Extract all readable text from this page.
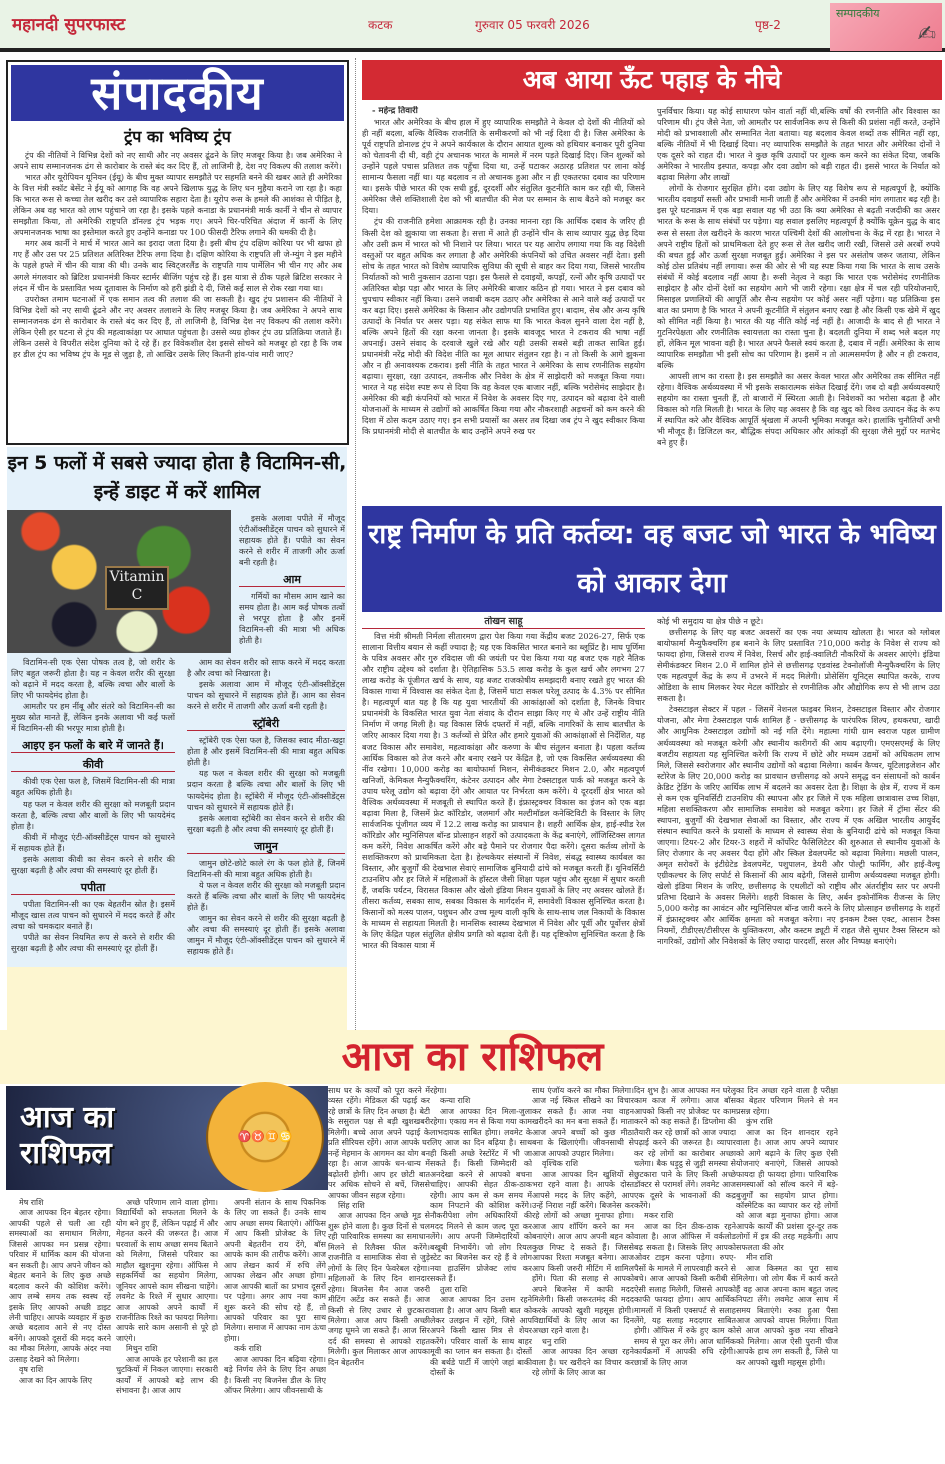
महानदी सुपरफास्ट	कटक	गुरुवार 05 फरवरी 2026	पृष्ठ-2
सम्पादकीय
✍
संपादकीय
ट्रंप का भविष्य ट्रंप

ट्रंप की नीतियों ने विभिन्न देशों को नए साथी और नए अवसर ढूंढने के लिए मजबूर किया है। जब अमेरिका ने अपने साथ सम्मानजनक ढंग से कारोबार के रास्ते बंद कर दिए हैं, तो लाजिमी है, देश नए विकल्प की तलाश करेंगे।

भारत और यूरोपियन यूनियन (ईयू) के बीच मुक्त व्यापार समझौते पर सहमति बनने की खबर आते ही अमेरिका के वित्त मंत्री स्कॉट बेसेंट ने ईयू को आगाह कि वह अपने खिलाफ युद्ध के लिए धन मुहैया कराने जा रहा है। कहा कि भारत रूस से कच्चा तेल खरीद कर उसे व्यापारिक सहारा देता है। यूरोप रूस के हमले की आशंका से पीड़ित है, लेकिन अब वह भारत को लाभ पहुंचाने जा रहा है। इसके पहले कनाडा के प्रधानमंत्री मार्क कार्नी ने चीन से व्यापार समझौता किया, तो अमेरिकी राष्ट्रपति डॉनल्ड ट्रंप भड़क गए। अपने चिर-परिचित अंदाज में कार्नी के लिए अपमानजनक भाषा का इस्तेमाल करते हुए उन्होंने कनाडा पर 100 फीसदी टैरिफ लगाने की धमकी दी है।

मगर अब कार्नी ने मार्च में भारत आने का इरादा जता दिया है। इसी बीच ट्रंप दक्षिण कोरिया पर भी खफा हो गए हैं और उस पर 25 प्रतिशत अतिरिक्त टैरिफ लगा दिया है। दक्षिण कोरिया के राष्ट्रपति ली जे-म्युंग ने इस महीने के पहले हफ्ते में चीन की यात्रा की थी। उनके बाद स्विट्जरलैंड के राष्ट्रपति गाय पार्मेलिन भी चीन गए और अब अगले मंगलवार को ब्रिटिश प्रधानमंत्री कियर स्टार्मर बीजिंग पहुंच रहे हैं। इस यात्रा से ठीक पहले ब्रिटिश सरकार ने लंदन में चीन के प्रस्तावित भव्य दूतावास के निर्माण को हरी झंडी दे दी, जिसे कई साल से रोक रखा गया था।

उपरोक्त तमाम घटनाओं में एक समान तत्व की तलाश की जा सकती है। खुद ट्रंप प्रशासन की नीतियों ने विभिन्न देशों को नए साथी ढूंढने और नए अवसर तलाशने के लिए मजबूर किया है। जब अमेरिका ने अपने साथ सम्मानजनक ढंग से कारोबार के रास्ते बंद कर दिए हैं, तो लाजिमी है, विभिन्न देश नए विकल्प की तलाश करेंगे। लेकिन ऐसी हर घटना से ट्रंप की महत्वाकांक्षा पर आघात पहुंचता है। उससे व्यग्र होकर ट्रंप उग्र प्रतिक्रिया जताते हैं। लेकिन उससे वे विपरीत संदेश दुनिया को दे रहे हैं। हर विवेकशील देश इससे सोचने को मजबूर हो रहा है कि जब हर डील ट्रंप का भविष्य ट्रंप के मूड से जुड़ा है, तो आखिर उसके लिए कितनी हांव-पांव मारी जाए?

इन 5 फलों में सबसे ज्यादा होता है विटामिन-सी, इन्हें डाइट में करें शामिल
Vitamin C

इसके अलावा पपीते में मौजूद एंटीऑक्सीडेंट्स पाचन को सुधारने में सहायक होते हैं। पपीते का सेवन करने से शरीर में ताजगी और ऊर्जा बनी रहती है।

आम

गर्मियों का मौसम आम खाने का समय होता है। आम कई पोषक तत्वों से भरपूर होता है और इनमें विटामिन-सी की मात्रा भी अधिक होती है।

विटामिन-सी एक ऐसा पोषक तत्व है, जो शरीर के लिए बहुत जरूरी होता है। यह न केवल शरीर की सुरक्षा को बढ़ाने में मदद करता है, बल्कि त्वचा और बालों के लिए भी फायदेमंद होता है।

आमतौर पर हम नींबू और संतरे को विटामिन-सी का मुख्य स्रोत मानते हैं, लेकिन इनके अलावा भी कई फलों में विटामिन-सी की भरपूर मात्रा होती है।

आइए इन फलों के बारे में जानते हैं।
कीवी

कीवी एक ऐसा फल है, जिसमें विटामिन-सी की मात्रा बहुत अधिक होती है।

यह फल न केवल शरीर की सुरक्षा को मजबूती प्रदान करता है, बल्कि त्वचा और बालों के लिए भी फायदेमंद होता है।

कीवी में मौजूद एंटी-ऑक्सीडेंट्स पाचन को सुधारने में सहायक होते हैं।

इसके अलावा कीवी का सेवन करने से शरीर की सुरक्षा बढ़ती है और त्वचा की समस्याएं दूर होती हैं।

पपीता

पपीता विटामिन-सी का एक बेहतरीन स्रोत है। इसमें मौजूद खास तत्व पाचन को सुधारने में मदद करते हैं और त्वचा को चमकदार बनाते हैं।

पपीते का सेवन नियमित रूप से करने से शरीर की सुरक्षा बढ़ती है और त्वचा की समस्याएं दूर होती हैं।

आम का सेवन शरीर को साफ करने में मदद करता है और त्वचा को निखारता है।

इसके अलावा आम में मौजूद एंटी-ऑक्सीडेंट्स पाचन को सुधारने में सहायक होते हैं। आम का सेवन करने से शरीर में ताजगी और ऊर्जा बनी रहती है।

स्ट्रॉबेरी

स्ट्रॉबेरी एक ऐसा फल है, जिसका स्वाद मीठा-खट्टा होता है और इसमें विटामिन-सी की मात्रा बहुत अधिक होती है।

यह फल न केवल शरीर की सुरक्षा को मजबूती प्रदान करता है बल्कि त्वचा और बालों के लिए भी फायदेमंद होता है। स्ट्रॉबेरी में मौजूद एंटी-ऑक्सीडेंट्स पाचन को सुधारने में सहायक होते हैं।

इसके अलावा स्ट्रॉबेरी का सेवन करने से शरीर की सुरक्षा बढ़ती है और त्वचा की समस्याएं दूर होती हैं।

जामुन

जामुन छोटे-छोटे काले रंग के फल होते हैं, जिनमें विटामिन-सी की मात्रा बहुत अधिक होती है।

ये फल न केवल शरीर की सुरक्षा को मजबूती प्रदान करते हैं बल्कि त्वचा और बालों के लिए भी फायदेमंद होते हैं।

जामुन का सेवन करने से शरीर की सुरक्षा बढ़ती है और त्वचा की समस्याएं दूर होती हैं। इसके अलावा जामुन में मौजूद एंटी-ऑक्सीडेंट्स पाचन को सुधारने में सहायक होते हैं।

अब आया ऊँट पहाड़ के नीचे
- महेन्द्र तिवारी

भारत और अमेरिका के बीच हाल में हुए व्यापारिक समझौते ने केवल दो देशों की नीतियों को ही नहीं बदला, बल्कि वैश्विक राजनीति के समीकरणों को भी नई दिशा दी है। जिस अमेरिका के पूर्व राष्ट्रपति डोनाल्ड ट्रंप ने अपने कार्यकाल के दौरान आयात शुल्क को हथियार बनाकर पूरी दुनिया को चेतावनी दी थी, वही ट्रंप अचानक भारत के मामले में नरम पड़ते दिखाई दिए। जिन शुल्कों को उन्होंने पहले पचास प्रतिशत तक पहुँचा दिया था, उन्हें घटाकर अठारह प्रतिशत पर लाना कोई सामान्य फैसला नहीं था। यह बदलाव न तो अचानक हुआ और न ही एकतरफा दबाव का परिणाम था। इसके पीछे भारत की एक सधी हुई, दूरदर्शी और संतुलित कूटनीति काम कर रही थी, जिसने अमेरिका जैसे शक्तिशाली देश को भी बातचीत की मेज पर सम्मान के साथ बैठने को मजबूर कर दिया।

ट्रंप की राजनीति हमेशा आक्रामक रही है। उनका मानना रहा कि आर्थिक दबाव के जरिए ही किसी देश को झुकाया जा सकता है। सत्ता में आते ही उन्होंने चीन के साथ व्यापार युद्ध छेड़ दिया और उसी क्रम में भारत को भी निशाने पर लिया। भारत पर यह आरोप लगाया गया कि वह विदेशी वस्तुओं पर बहुत अधिक कर लगाता है और अमेरिकी कंपनियों को उचित अवसर नहीं देता। इसी सोच के तहत भारत को विशेष व्यापारिक सुविधा की सूची से बाहर कर दिया गया, जिससे भारतीय निर्यातकों को भारी नुकसान उठाना पड़ा। इस फैसले से दवाइयों, कपड़ों, रत्नों और कृषि उत्पादों पर अतिरिक्त बोझ पड़ा और भारत के लिए अमेरिकी बाजार कठिन हो गया। भारत ने इस दबाव को चुपचाप स्वीकार नहीं किया। उसने जवाबी कदम उठाए और अमेरिका से आने वाले कई उत्पादों पर कर बढ़ा दिए। इससे अमेरिका के किसान और उद्योगपति प्रभावित हुए। बादाम, सेब और अन्य कृषि उत्पादों के निर्यात पर असर पड़ा। यह संकेत साफ था कि भारत केवल सुनने वाला देश नहीं है, बल्कि अपने हितों की रक्षा करना जानता है। इसके बावजूद भारत ने टकराव की भाषा नहीं अपनाई। उसने संवाद के दरवाजे खुले रखे और यही उसकी सबसे बड़ी ताकत साबित हुई। प्रधानमंत्री नरेंद्र मोदी की विदेश नीति का मूल आधार संतुलन रहा है। न तो किसी के आगे झुकना और न ही अनावश्यक टकराव। इसी नीति के तहत भारत ने अमेरिका के साथ रणनीतिक सहयोग बढ़ाया। सुरक्षा, रक्षा उत्पादन, तकनीक और निवेश के क्षेत्र में साझेदारी को मजबूत किया गया। भारत ने यह संदेश स्पष्ट रूप से दिया कि वह केवल एक बाजार नहीं, बल्कि भरोसेमंद साझेदार है। अमेरिका की बड़ी कंपनियों को भारत में निवेश के अवसर दिए गए, उत्पादन को बढ़ावा देने वाली योजनाओं के माध्यम से उद्योगों को आकर्षित किया गया और नौकरशाही अड़चनों को कम करने की दिशा में ठोस कदम उठाए गए। इन सभी प्रयासों का असर तब दिखा जब ट्रंप ने खुद स्वीकार किया कि प्रधानमंत्री मोदी से बातचीत के बाद उन्होंने अपने रुख पर

पुनर्विचार किया। यह कोई साधारण फोन वार्ता नहीं थी,बल्कि वर्षों की रणनीति और विश्वास का परिणाम थी। ट्रंप जैसे नेता, जो आमतौर पर सार्वजनिक रूप से किसी की प्रशंसा नहीं करते, उन्होंने मोदी को प्रभावशाली और सम्मानित नेता बताया। यह बदलाव केवल शब्दों तक सीमित नहीं रहा, बल्कि नीतियों में भी दिखाई दिया। नए व्यापारिक समझौते के तहत भारत और अमेरिका दोनों ने एक दूसरे को राहत दी। भारत ने कुछ कृषि उत्पादों पर शुल्क कम करने का संकेत दिया, जबकि अमेरिका ने भारतीय इस्पात, कपड़ा और दवा उद्योग को बड़ी राहत दी। इससे भारत के निर्यात को बढ़ावा मिलेगा और लाखों

लोगों के रोजगार सुरक्षित होंगे। दवा उद्योग के लिए यह विशेष रूप से महत्वपूर्ण है, क्योंकि भारतीय दवाइयाँ सस्ती और प्रभावी मानी जाती हैं और अमेरिका में उनकी मांग लगातार बढ़ रही है। इस पूरे घटनाक्रम में एक बड़ा सवाल यह भी उठा कि क्या अमेरिका से बढ़ती नजदीकी का असर भारत के रूस के साथ संबंधों पर पड़ेगा। यह सवाल इसलिए महत्वपूर्ण है क्योंकि यूक्रेन युद्ध के बाद रूस से सस्ता तेल खरीदने के कारण भारत पश्चिमी देशों की आलोचना के केंद्र में रहा है। भारत ने अपने राष्ट्रीय हितों को प्राथमिकता देते हुए रूस से तेल खरीद जारी रखी, जिससे उसे अरबों रुपये की बचत हुई और ऊर्जा सुरक्षा मजबूत हुई। अमेरिका ने इस पर असंतोष जरूर जताया, लेकिन कोई ठोस प्रतिबंध नहीं लगाया। रूस की ओर से भी यह स्पष्ट किया गया कि भारत के साथ उसके संबंधों में कोई बदलाव नहीं आया है। रूसी नेतृत्व ने कहा कि भारत एक भरोसेमंद रणनीतिक साझेदार है और दोनों देशों का सहयोग आगे भी जारी रहेगा। रक्षा क्षेत्र में चल रही परियोजनाएँ, मिसाइल प्रणालियों की आपूर्ति और सैन्य सहयोग पर कोई असर नहीं पड़ेगा। यह प्रतिक्रिया इस बात का प्रमाण है कि भारत ने अपनी कूटनीति में संतुलन बनाए रखा है और किसी एक खेमे में खुद को सीमित नहीं किया है। भारत की यह नीति कोई नई नहीं है। आजादी के बाद से ही भारत ने गुटनिरपेक्षता और रणनीतिक स्वायत्तता का रास्ता चुना है। बदलती दुनिया में शब्द भले बदल गए हों, लेकिन मूल भावना वही है। भारत अपने फैसले स्वयं करता है, दबाव में नहीं। अमेरिका के साथ व्यापारिक समझौता भी इसी सोच का परिणाम है। इसमें न तो आत्मसमर्पण है और न ही टकराव, बल्कि

आपसी लाभ का रास्ता है। इस समझौते का असर केवल भारत और अमेरिका तक सीमित नहीं रहेगा। वैश्विक अर्थव्यवस्था में भी इसके सकारात्मक संकेत दिखाई देंगे। जब दो बड़ी अर्थव्यवस्थाएँ सहयोग का रास्ता चुनती हैं, तो बाजारों में स्थिरता आती है। निवेशकों का भरोसा बढ़ता है और विकास को गति मिलती है। भारत के लिए यह अवसर है कि वह खुद को विश्व उत्पादन केंद्र के रूप में स्थापित करे और वैश्विक आपूर्ति श्रृंखला में अपनी भूमिका मजबूत करे। हालांकि चुनौतियाँ अभी भी मौजूद हैं। डिजिटल कर, बौद्धिक संपदा अधिकार और आंकड़ों की सुरक्षा जैसे मुद्दों पर मतभेद बने हुए हैं।

राष्ट्र निर्माण के प्रति कर्तव्य: वह बजट जो भारत के भविष्य को आकार देगा
तोखन साहू

वित्त मंत्री श्रीमती निर्मला सीतारमण द्वारा पेश किया गया केंद्रीय बजट 2026-27, सिर्फ एक सालाना वित्तीय बयान से कहीं ज्यादा है; यह एक विकसित भारत बनाने का ब्लूप्रिंट है। माघ पूर्णिमा के पवित्र अवसर और गुरु रविदास जी की जयंती पर पेश किया गया यह बजट एक गहरे नैतिक और राष्ट्रीय उद्देश्य को दर्शाता है। ऐतिहासिक 53.5 लाख करोड़ के कुल खर्च और लगभग 27 लाख करोड़ के पूंजीगत खर्च के साथ, यह बजट राजकोषीय समझदारी बनाए रखते हुए भारत की विकास गाथा में विश्वास का संकेत देता है, जिसमें घाटा सकल घरेलू उत्पाद के 4.3% पर सीमित है। महत्वपूर्ण बात यह है कि यह युवा भारतीयों की आकांक्षाओं को दर्शाता है, जिनके विचार प्रधानमंत्री के विकसित भारत युवा नेता संवाद के दौरान साझा किए गए थे और उन्हें राष्ट्रीय नीति निर्माण में जगह मिली है। यह विकास सिर्फ दफ्तरों में नहीं, बल्कि नागरिकों के साथ बातचीत के जरिए आकार दिया गया है। 3 कर्तव्यों से प्रेरित और हमारे युवाओं की आकांक्षाओं से निर्देशित, यह बजट विकास और समावेश, महत्वाकांक्षा और करुणा के बीच संतुलन बनाता है। पहला कर्तव्य आर्थिक विकास को तेज करने और बनाए रखने पर केंद्रित है, जो एक विकसित अर्थव्यवस्था की नींव रखेगा। 10,000 करोड़ का बायोफार्मा मिशन, सेमीकंडक्टर मिशन 2.0, और महत्वपूर्ण खनिजों, केमिकल मैन्युफैक्चरिंग, कंटेनर उत्पादन और मेगा टेक्सटाइल पार्क को मजबूत करने के उपाय घरेलू उद्योग को बढ़ावा देंगे और आयात पर निर्भरता कम करेंगे। ये दूरदर्शी क्षेत्र भारत को वैश्विक अर्थव्यवस्था में मजबूती से स्थापित करते हैं। इंफ्रास्ट्रक्चर विकास का इंजन को एक बड़ा बढ़ावा मिला है, जिसमें फ्रेट कॉरिडोर, जलमार्ग और मल्टीमॉडल कनेक्टिविटी के विस्तार के लिए सार्वजनिक पूंजीगत व्यय में 12.2 लाख करोड़ का प्रावधान है। शहरी आर्थिक क्षेत्र, हाई-स्पीड रेल कॉरिडोर और म्युनिसिपल बॉन्ड प्रोत्साहन शहरों को उत्पादकता के केंद्र बनाएंगे, लॉजिस्टिक्स लागत कम करेंगे, निवेश आकर्षित करेंगे और बड़े पैमाने पर रोजगार पैदा करेंगे। दूसरा कर्तव्य लोगों के सशक्तिकरण को प्राथमिकता देता है। हेल्थकेयर संस्थानों में निवेश, संबद्ध स्वास्थ्य कार्यबल का विस्तार, और बुजुर्गों की देखभाल सेवाएं सामाजिक बुनियादी ढांचे को मजबूत करती हैं। यूनिवर्सिटी टाउनशिप और हर जिले में महिलाओं के हॉस्टल जैसी शिक्षा पहल पहुंच और सुरक्षा में सुधार करती हैं, जबकि पर्यटन, विरासत विकास और खेलो इंडिया मिशन युवाओं के लिए नए अवसर खोलते हैं। तीसरा कर्तव्य, सबका साथ, सबका विकास के मार्गदर्शन में, समावेशी विकास सुनिश्चित करता है। किसानों को मत्स्य पालन, पशुधन और उच्च मूल्य वाली कृषि के साथ-साथ जल निकायों के विकास के माध्यम से सहायता मिलती है। मानसिक स्वास्थ्य देखभाल में निवेश और पूर्वी और पूर्वोत्तर क्षेत्रों के लिए केंद्रित पहल संतुलित क्षेत्रीय प्रगति को बढ़ावा देती हैं। यह दृष्टिकोण सुनिश्चित करता है कि भारत की विकास यात्रा में

कोई भी समुदाय या क्षेत्र पीछे न छूटे।

छत्तीसगढ़ के लिए यह बजट अवसरों का एक नया अध्याय खोलता है। भारत को ग्लोबल बायोफार्मा मैन्युफैक्चरिंग हब बनाने के लिए प्रस्तावित ?10,000 करोड़ के निवेश से राज्य को फायदा होगा, जिससे राज्य में निवेश, रिसर्च और हाई-क्वालिटी नौकरियों के अवसर आएंगे। इंडिया सेमीकंडक्टर मिशन 2.0 में शामिल होने से छत्तीसगढ़ एडवांस्ड टेक्नोलॉजी मैन्युफैक्चरिंग के लिए एक महत्वपूर्ण केंद्र के रूप में उभरने में मदद मिलेगी। प्रोसेसिंग यूनिट्स स्थापित करके, राज्य ओडिशा के साथ मिलकर रेयर मेटल कॉरिडोर से रणनीतिक और औद्योगिक रूप से भी लाभ उठा सकता है।

टेक्सटाइल सेक्टर में पहल - जिसमें नेशनल फाइबर मिशन, टेक्सटाइल विस्तार और रोजगार योजना, और मेगा टेक्सटाइल पार्क शामिल हैं - छत्तीसगढ़ के पारंपरिक शिल्प, हथकरघा, खादी और आधुनिक टेक्सटाइल उद्योगों को नई गति देंगे। महात्मा गांधी ग्राम स्वराज पहल ग्रामीण अर्थव्यवस्था को मजबूत करेगी और स्थानीय कारीगरों की आय बढ़ाएगी। एमएसएमई के लिए बजटीय सहायता यह सुनिश्चित करेगी कि राज्य में छोटे और मध्यम उद्यमों को अधिकतम लाभ मिले, जिससे स्वरोजगार और स्थानीय उद्योगों को बढ़ावा मिलेगा। कार्बन कैप्चर, यूटिलाइजेशन और स्टोरेज के लिए 20,000 करोड़ का प्रावधान छत्तीसगढ़ को अपने समृद्ध वन संसाधनों को कार्बन क्रेडिट ट्रेडिंग के जरिए आर्थिक लाभ में बदलने का अवसर देता है। शिक्षा के क्षेत्र में, राज्य में कम से कम एक यूनिवर्सिटी टाउनशिप की स्थापना और हर जिले में एक महिला छात्रावास उच्च शिक्षा, महिला सशक्तिकरण और सामाजिक समावेश को मजबूत करेगा। हर जिले में ट्रॉमा सेंटर की स्थापना, बुजुर्गों की देखभाल सेवाओं का विस्तार, और राज्य में एक अखिल भारतीय आयुर्वेद संस्थान स्थापित करने के प्रयासों के माध्यम से स्वास्थ्य सेवा के बुनियादी ढांचे को मजबूत किया जाएगा। टियर-2 और टियर-3 शहरों में कॉर्पोरेट फैसिलिटेटर की शुरुआत से स्थानीय युवाओं के लिए रोजगार के नए अवसर पैदा होंगे और स्किल डेवलपमेंट को बढ़ावा मिलेगा। मछली पालन, अमृत सरोवरों के इंटीग्रेटेड डेवलपमेंट, पशुपालन, डेयरी और पोल्ट्री फार्मिंग, और हाई-वैल्यू एग्रीकल्चर के लिए सपोर्ट से किसानों की आय बढ़ेगी, जिससे ग्रामीण अर्थव्यवस्था मजबूत होगी। खेलो इंडिया मिशन के जरिए, छत्तीसगढ़ के एथलीटों को राष्ट्रीय और अंतर्राष्ट्रीय स्तर पर अपनी प्रतिभा दिखाने के अवसर मिलेंगे। शहरी विकास के लिए, अर्बन इकोनॉमिक रीजन्स के लिए 5,000 करोड़ का आवंटन और म्युनिसिपल बॉन्ड जारी करने के लिए प्रोत्साहन छत्तीसगढ़ के शहरों में इंफ्रास्ट्रक्चर और आर्थिक क्षमता को मजबूत करेगा। नए इनकम टैक्स एक्ट, आसान टैक्स नियमों, टीडीएस/टीसीएस के युक्तिकरण, और कस्टम ड्यूटी में राहत जैसे सुधार टैक्स सिस्टम को नागरिकों, उद्योगों और निवेशकों के लिए ज्यादा पारदर्शी, सरल और निष्पक्ष बनाएंगे।

आज का राशिफल
आज का राशिफल	♈♉♊♋

मेष राशि

आज आपका दिन बेहतर रहेगा। आपकी पहले से चली आ रही समस्याओं का समाधान मिलेगा, जिससे आपका मन प्रसन्न रहेगा। परिवार में धार्मिक काम की योजना बन सकती है। आप अपने जीवन को बेहतर बनाने के लिए कुछ अच्छे बदलाव करने की कोशिश करेंगे। आप लम्बे समय तक स्वस्थ रहें इसके लिए आपको अच्छी डाइट लेनी चाहिए। आपके व्यवहार में कुछ अच्छे बदलाव आने से नए दोस्त बनेंगे। आपको दूसरों की मदद करने का मौका मिलेगा, आपके अंदर नया उत्साह देखने को मिलेगा।

वृष राशि

आज का दिन आपके लिए

अच्छे परिणाम लाने वाला होगा। विद्यार्थियों को सफलता मिलने के योग बने हुए हैं, लेकिन पढ़ाई में और मेहनत करने की जरूरत है। आज घरवालों के साथ अच्छा समय बिताने को मिलेगा, जिससे परिवार का माहौल खुशनुमा रहेगा। ऑफिस मे सहकर्मियों का सहयोग मिलेगा, जूनियर आपसे काम सीखना चाहेंगे। लवमेट के रिश्ते में सुधार आएगा। आज आपको अपने कार्यों में राजनीतिक रिश्ते का फायदा मिलेगा। आपके सारे काम असानी से पूरे हो जाएंगे।

मिथुन राशि

आज आपके हर परेशानी का हल चुटकियों में निकल जाएगा। सरकारी कार्यों में आपको बड़े लाभ की संभावना है। आज आप

अपनी संतान के साथ पिकनिक के लिए जा सकते हैं। उनके साथ आप अच्छा समय बिताएंगे। ऑफिस में आप किसी प्रोजेक्ट के लिए अपनी बेहतरीन राय देंगे, बॉस आपके काम की तारीफ करेंगे। आज आप लेखन कार्य में रुचि लेंगे आपका लेखन और अच्छा होगा। आज आपकी बातों का प्रभाव दूसरों पर पड़ेगा। अगर आप नया काम शुरू करने की सोच रहे हैं, तो आपको परिवार का पूरा साथ मिलेगा। समाज में आपका नाम ऊंचा होगा।

कर्क राशि

आज आपका दिन बढ़िया रहेगा। बड़े निर्णय लेने के लिए दिन अच्छा है। किसी नए बिजनेस डील के लिए ऑफर मिलेगा। आप जीवनसाथी के

साथ घर के कार्यों को पूरा करने में व्यस्त रहेंगे। मेडिकल की पढ़ाई कर रहे छात्रों के लिए दिन अच्छा है। बेटी के ससुराल पक्ष से बड़ी खुशखबरी मिलेगी। बच्चे आज अपने पढ़ाई के प्रति सीरियस रहेंगे। आज आपके घर नन्हें मेहमान के आगमन का योग बन रहा है। आज आपके धन-धान्य में बढ़ोतरी होगी। आप हर छोटी बात पर अधिक सोचने से बचें, जिससे आपका जीवन सहज रहेगा।

सिंह राशि

आज आपका दिन अच्छे मूड से शुरू होने वाला है। कुछ दिनों से चल रही पारिवारिक समस्या का समाधान मिलने से रिलैक्स फील करेंगे। राजनीति व सामाजिक सेवा से जुड़े लोगों के लिए दिन फेवरेबल रहेगा। महिलाओं के लिए दिन शानदार रहेगा। बिजनेस मैन आज जरुरी मीटिंग अटेंड कर सकते हैं। आज किसी से लिए उधार से छुटकारा मिलेगा। आज आप किसी अच्छी जगह घूमने जा सकते हैं। आज सिर दर्द की समस्या से आपको राहत मिलेगी। कुल मिलाकर आज आपका दिन बेहतरीन

रहेगा।

कन्या राशि

आज आपका दिन मिला-जुला रहेगा। एकाग्र मन से किया गया काम लाभदायक साबित होगा। लवमेट के लिए आज का दिन बढ़िया है। साथ ही किसी अच्छे रेस्टोरेंट में भी जा सकते हैं। किसी जिम्मेदारी को अनदेखा करने से आपको बचना चाहिए। आपकी सेहत ठीक-ठाक रहेगी। आप कम से कम समय में काम निपटाने की कोशिश करेंगे। नौकरीपेशा लोग अधिकारियों की मदद मिलने से काम जल्द पूरा कर लेंगे। आप अपनी जिम्मेदारियों को बखूबी निभायेंगे। जो लोग रियल स्टेट का बिजनेस कर रहे हैं वे लोग नया हाउसिंग प्रोजेक्ट लांच कर सकते हैं।

तुला राशि

आज आपका दिन उत्तम रहने वाला है। आज आप किसी बात को लेकर उलझन में रहेंगे, जिसे आप अपने किसी खास मित्र से शेयर करेंगे। परिवार वालों के साथ बाहर मूवी का प्लान बन सकता है। दोस्तों की बर्थडे पार्टी में जाएंगे जहां बाकी दोस्तों के

साथ एंजॉय करने का मौका मिलेगा। आज नई स्किल सीखने का विचार कर सकते हैं। आज नया वाहन खरीदने का मन बना सकते हैं। माता आज अपने बच्चों को कुछ मीठा बना के खिलाएंगी। जीवनसाथी से आज आपको उपहार मिलेगा।

वृश्चिक राशि

आज आपका दिन खुशियों से भरा रहने वाला है। आपके दोस्त आपसे मदद के लिए कहेंगे, आप उन्हें निराश नहीं करेंगे। बिजनेस कर रहे लोगों को अच्छा मुनाफा होगा। आज आप शॉपिंग करने का मन बनाएंगे। आज आप अपनी बहन को कुछ गिफ्ट दे सकते हैं। जिससे आपका रिश्ता मजबूत बनेगा। आज आप किसी जरुरी मीटिंग में शामिल होंगे। पिता की सलाह से आपको अपने बिजनेस में काफी मदद मिलेगी। किसी जरूरतमंद की मदद करके आपको खुशी महसूस होगी। विद्यार्थियों के लिए आज का दिन अच्छा रहने वाला है।

धनु राशि

आज आपका दिन अच्छा रहने वाला है। घर खरीदने का विचार कर रहे लोगों के लिए आज का

दिन शुभ है। आज आपका मन घरेलू काम काज में लगेगा। आज बॉस आपको किसी नए प्रोजेक्ट पर काम करने को कह सकते हैं। डिप्लोमा की तैयारी कर रहे छात्रों को आज ज्यादा पढ़ाई करने की जरूरत है। व्यापार कर रहे लोगों का कारोबार अच्छा चलेगा। बैक धड़ुट्ठ से जुड़ी समस्या से छुटकारा पाने के लिए किसी अच्छे डॉक्टर से परामर्श लेंगे। लवमेट आज एक दूसरे के भावनाओं की कद्र करेंगे।

मकर राशि

आज का दिन ठीक-ठाक रहने वाला है। आज ऑफिस में वर्कलोड बढ़ सकता है। जिसके लिए आपको ओवर टाइम करना पड़ेगा। रुपए-पैसों के मामले में लापरवाही करने से बचे। आज आपको किसी करीबी से ऐसी सलाह मिलेगी, जिससे आपको काफी फायदा होगा। आप आर्थिक मामलों में किसी एक्सपर्ट से सलाह लेंगे, यह सलाह मददगार साबित होगी। ऑफिस में रुके हुए काम को समय से पूरा कर लेंगे। आज धार्मिक कार्यक्रमों में आपकी रुचि रहेगी। छात्रों के लिए आज

का दिन अच्छा रहने वाला है परीक्षा का बेहतर परिणाम मिलने से मन प्रसन्न रहेगा।

कुंभ राशि

आज का दिन शानदार रहने वाला है। आज आप अपने व्यापार को आगे बढ़ाने के लिए कुछ ऐसी योजनाएं बनाएंगे, जिससे आपको फायदा ही फायदा होगा। पारिवारिक समस्याओं को सॉल्व करने में बड़े-बुजुर्गों का सहयोग प्राप्त होगा। कॉस्मेटिक का व्यापार कर रहे लोगों को आज बड़ा मुनाफा होगा। आज आपके कार्यों की प्रशंसा दूर-दूर तक लोगों में इत्र की तरह महकेगी। आप सफलता की ओर

मीन राशि

आज किस्मत का पूरा साथ मिलेगा। जो लोग बैंक में कार्य करते हैं वह आज अपना काम बहुत जल्द निपटा लेंगे। लवमेट आज साथ में समय बिताएंगे। रुका हुआ पैसा आज आपको वापस मिलेगा। पिता से आज आपको कुछ नया सीखने को मिलेगा। आज ऐसी पुरानी चीज आपके हाथ लग सकती है, जिसे पा कर आपको खुशी महसूस होगी।
